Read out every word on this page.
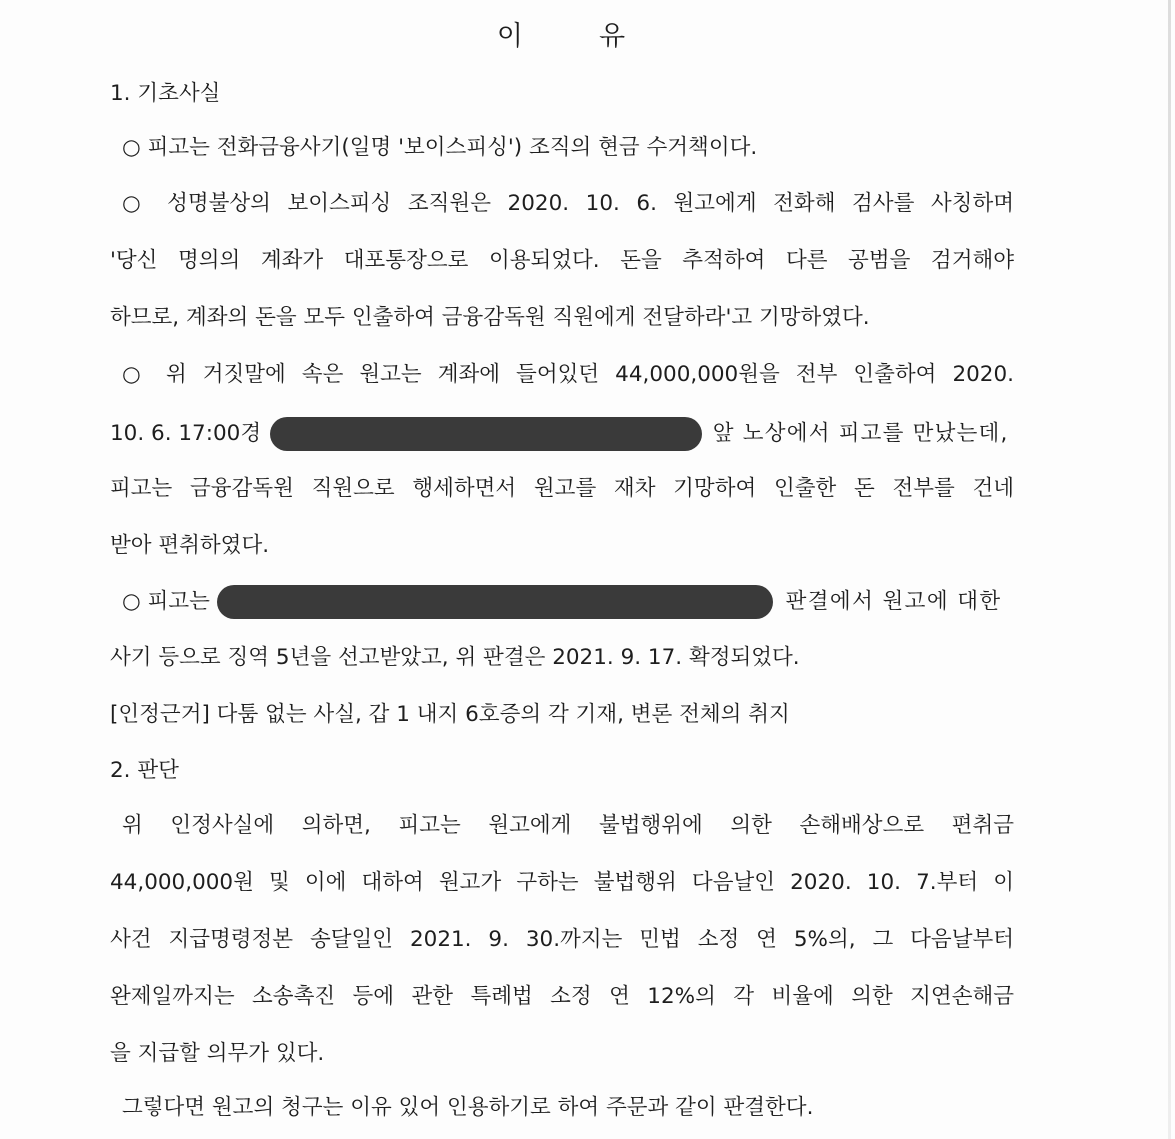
이	유
1. 기초사실
○ 피고는 전화금융사기(일명 '보이스피싱') 조직의 현금 수거책이다.
○ 성명불상의 보이스피싱 조직원은 2020. 10. 6. 원고에게 전화해 검사를 사칭하며
'당신 명의의 계좌가 대포통장으로 이용되었다. 돈을 추적하여 다른 공범을 검거해야
하므로, 계좌의 돈을 모두 인출하여 금융감독원 직원에게 전달하라'고 기망하였다.
○ 위 거짓말에 속은 원고는 계좌에 들어있던 44,000,000원을 전부 인출하여 2020.
10. 6. 17:00경	앞 노상에서 피고를 만났는데,
피고는 금융감독원 직원으로 행세하면서 원고를 재차 기망하여 인출한 돈 전부를 건네
받아 편취하였다.
○ 피고는	판결에서 원고에 대한
사기 등으로 징역 5년을 선고받았고, 위 판결은 2021. 9. 17. 확정되었다.
[인정근거] 다툼 없는 사실, 갑 1 내지 6호증의 각 기재, 변론 전체의 취지
2. 판단
위 인정사실에 의하면, 피고는 원고에게 불법행위에 의한 손해배상으로 편취금
44,000,000원 및 이에 대하여 원고가 구하는 불법행위 다음날인 2020. 10. 7.부터 이
사건 지급명령정본 송달일인 2021. 9. 30.까지는 민법 소정 연 5%의, 그 다음날부터
완제일까지는 소송촉진 등에 관한 특례법 소정 연 12%의 각 비율에 의한 지연손해금
을 지급할 의무가 있다.
그렇다면 원고의 청구는 이유 있어 인용하기로 하여 주문과 같이 판결한다.
